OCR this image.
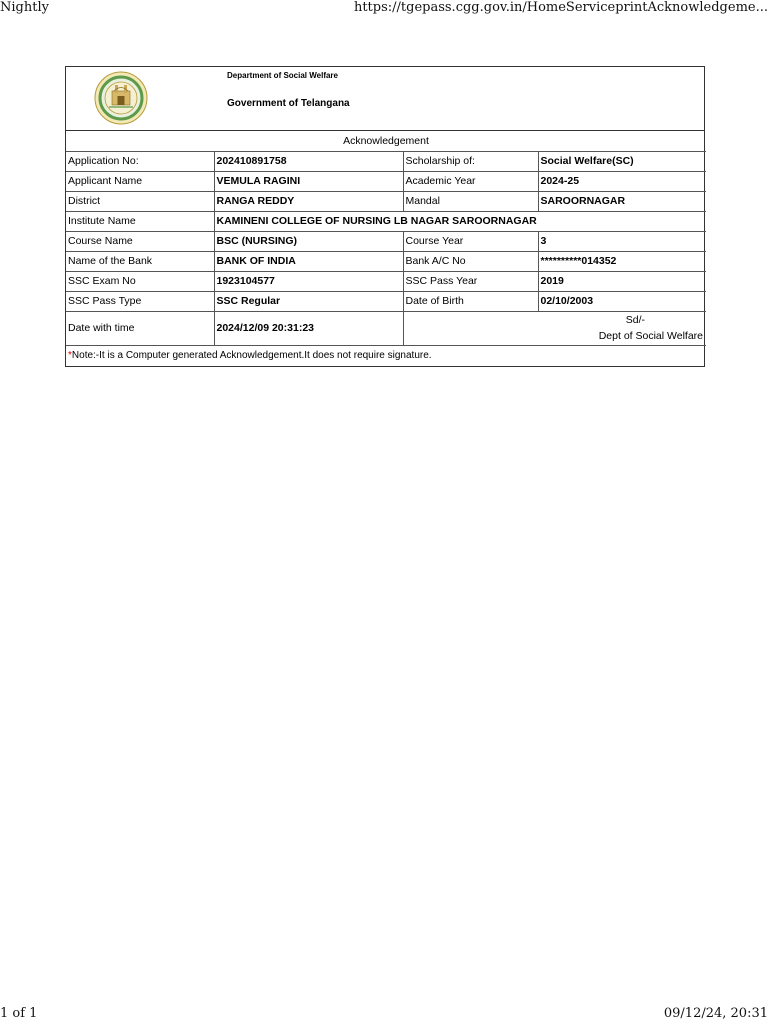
Nightly	https://tgepass.cgg.gov.in/HomeServiceprintAcknowledgeme...
Department of Social Welfare
Government of Telangana
Acknowledgement			
Application No:	202410891758	Scholarship of:	Social Welfare(SC)
Applicant Name	VEMULA RAGINI	Academic Year	2024-25
District	RANGA REDDY	Mandal	SAROORNAGAR
Institute Name	KAMINENI COLLEGE OF NURSING LB NAGAR SAROORNAGAR		
Course Name	BSC (NURSING)	Course Year	3
Name of the Bank	BANK OF INDIA	Bank A/C No	**********014352
SSC Exam No	1923104577	SSC Pass Year	2019
SSC Pass Type	SSC Regular	Date of Birth	02/10/2003
Date with time	2024/12/09 20:31:23	Sd/-
Dept of Social Welfare	
*Note:-It is a Computer generated Acknowledgement.It does not require signature.			
1 of 1	09/12/24, 20:31
